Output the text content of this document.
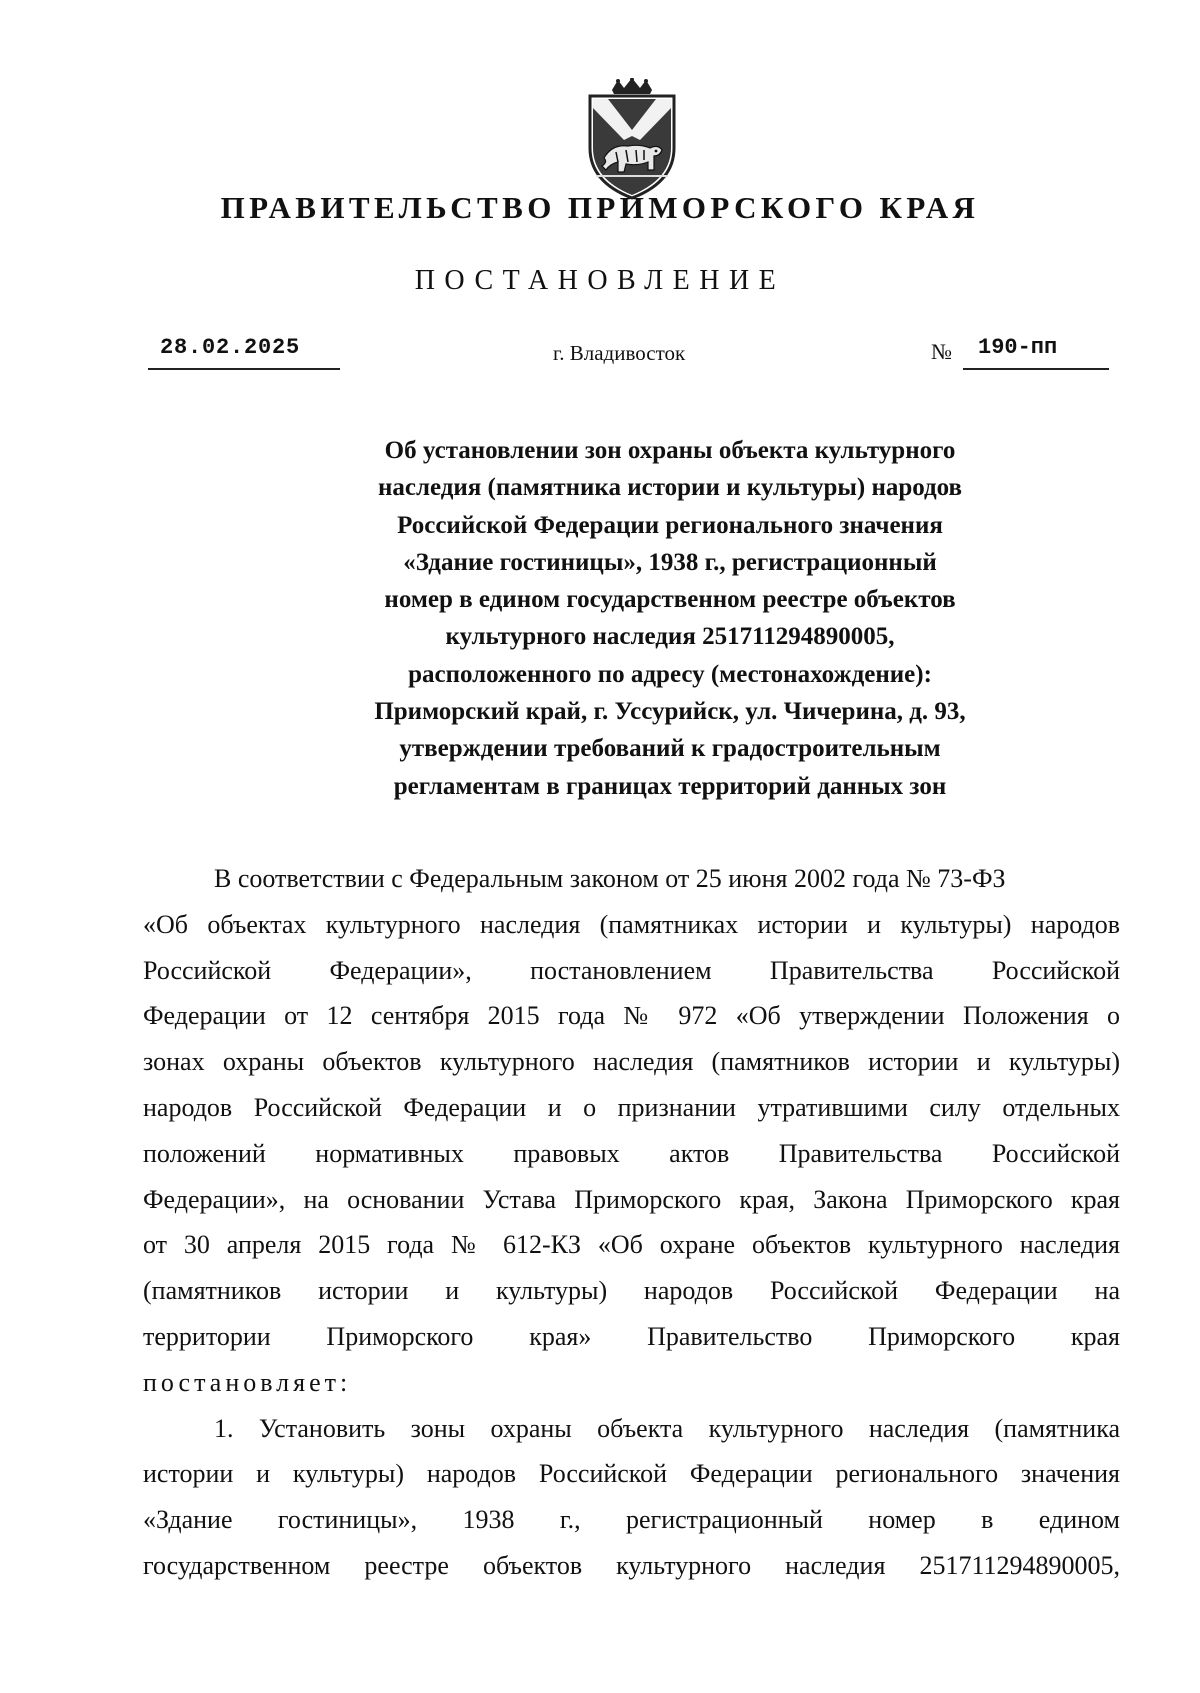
ПРАВИТЕЛЬСТВО ПРИМОРСКОГО КРАЯ
ПОСТАНОВЛЕНИЕ
28.02.2025	г. Владивосток	№ 190-пп
Об установлении зон охраны объекта культурного
наследия (памятника истории и культуры) народов
Российской Федерации регионального значения
«Здание гостиницы», 1938 г., регистрационный
номер в едином государственном реестре объектов
культурного наследия 251711294890005,
расположенного по адресу (местонахождение):
Приморский край, г. Уссурийск, ул. Чичерина, д. 93,
утверждении требований к градостроительным
регламентам в границах территорий данных зон
В соответствии с Федеральным законом от 25 июня 2002 года № 73-ФЗ
«Об объектах культурного наследия (памятниках истории и культуры) народов
Российской Федерации», постановлением Правительства Российской
Федерации от 12 сентября 2015 года № 972 «Об утверждении Положения о
зонах охраны объектов культурного наследия (памятников истории и культуры)
народов Российской Федерации и о признании утратившими силу отдельных
положений нормативных правовых актов Правительства Российской
Федерации», на основании Устава Приморского края, Закона Приморского края
от 30 апреля 2015 года № 612-КЗ «Об охране объектов культурного наследия
(памятников истории и культуры) народов Российской Федерации на
территории Приморского края» Правительство Приморского края
постановляет:
1. Установить зоны охраны объекта культурного наследия (памятника
истории и культуры) народов Российской Федерации регионального значения
«Здание гостиницы», 1938 г., регистрационный номер в едином
государственном реестре объектов культурного наследия 251711294890005,
